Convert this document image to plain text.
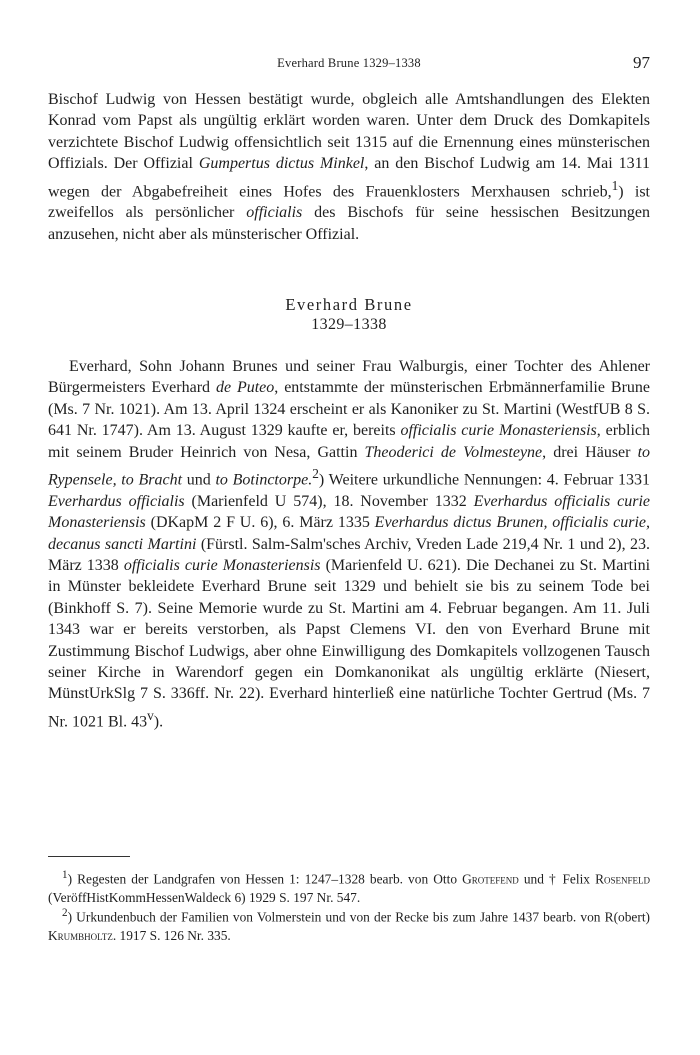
Everhard Brune 1329–1338	97

Bischof Ludwig von Hessen bestätigt wurde, obgleich alle Amtshandlungen des Elekten Konrad vom Papst als ungültig erklärt worden waren. Unter dem Druck des Domkapitels verzichtete Bischof Ludwig offensichtlich seit 1315 auf die Ernennung eines münsterischen Offizials. Der Offizial Gumpertus dictus Minkel, an den Bischof Ludwig am 14. Mai 1311 wegen der Abgabefreiheit eines Hofes des Frauenklosters Merxhausen schrieb,$^1$) ist zweifellos als persönlicher officialis des Bischofs für seine hessischen Besitzungen anzusehen, nicht aber als münsterischer Offizial.

Everhard Brune
1329–1338

Everhard, Sohn Johann Brunes und seiner Frau Walburgis, einer Tochter des Ahlener Bürgermeisters Everhard de Puteo, entstammte der münsterischen Erbmännerfamilie Brune (Ms. 7 Nr. 1021). Am 13. April 1324 erscheint er als Kanoniker zu St. Martini (WestfUB 8 S. 641 Nr. 1747). Am 13. August 1329 kaufte er, bereits officialis curie Monasteriensis, erblich mit seinem Bruder Heinrich von Nesa, Gattin Theoderici de Volmesteyne, drei Häuser to Rypensele, to Bracht und to Botinctorpe.$^2$) Weitere urkundliche Nennungen: 4. Februar 1331 Everhardus officialis (Marienfeld U 574), 18. November 1332 Everhardus officialis curie Monasteriensis (DKapM 2 F U. 6), 6. März 1335 Everhardus dictus Brunen, officialis curie, decanus sancti Martini (Fürstl. Salm-Salm'sches Archiv, Vreden Lade 219,4 Nr. 1 und 2), 23. März 1338 officialis curie Monasteriensis (Marienfeld U. 621). Die Dechanei zu St. Martini in Münster bekleidete Everhard Brune seit 1329 und behielt sie bis zu seinem Tode bei (Binkhoff S. 7). Seine Memorie wurde zu St. Martini am 4. Februar begangen. Am 11. Juli 1343 war er bereits verstorben, als Papst Clemens VI. den von Everhard Brune mit Zustimmung Bischof Ludwigs, aber ohne Einwilligung des Domkapitels vollzogenen Tausch seiner Kirche in Warendorf gegen ein Domkanonikat als ungültig erklärte (Niesert, MünstUrkSlg 7 S. 336ff. Nr. 22). Everhard hinterließ eine natürliche Tochter Gertrud (Ms. 7 Nr. 1021 Bl. 43$^v$).

$^1$) Regesten der Landgrafen von Hessen 1: 1247–1328 bearb. von Otto Grotefend und † Felix Rosenfeld (VeröffHistKommHessenWaldeck 6) 1929 S. 197 Nr. 547.

$^2$) Urkundenbuch der Familien von Volmerstein und von der Recke bis zum Jahre 1437 bearb. von R(obert) Krumbholtz. 1917 S. 126 Nr. 335.
